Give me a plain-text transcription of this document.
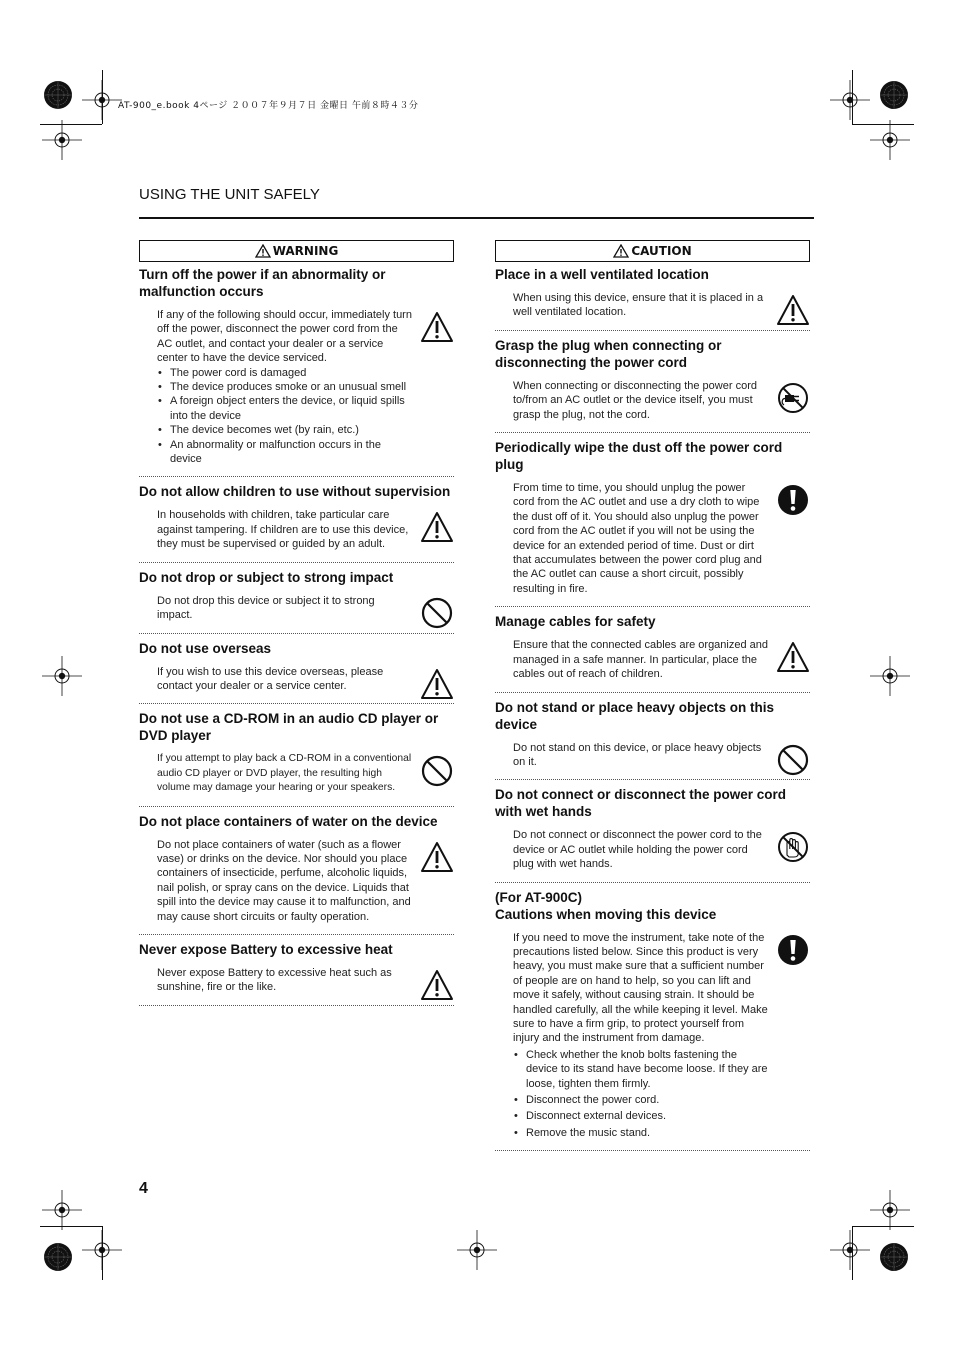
AT-900_e.book 4ページ ２００７年９月７日 金曜日 午前８時４３分
USING THE UNIT SAFELY
WARNING
Turn off the power if an abnormality or malfunction occurs

If any of the following should occur, immediately turn off the power, disconnect the power cord from the AC outlet, and contact your dealer or a service center to have the device serviced.

• The power cord is damaged
• The device produces smoke or an unusual smell
• A foreign object enters the device, or liquid spills into the device
• The device becomes wet (by rain, etc.)
• An abnormality or malfunction occurs in the device
Do not allow children to use without supervision

In households with children, take particular care against tampering. If children are to use this device, they must be supervised or guided by an adult.

Do not drop or subject to strong impact

Do not drop this device or subject it to strong impact.

Do not use overseas

If you wish to use this device overseas, please contact your dealer or a service center.

Do not use a CD-ROM in an audio CD player or DVD player

If you attempt to play back a CD-ROM in a conventional audio CD player or DVD player, the resulting high volume may damage your hearing or your speakers.

Do not place containers of water on the device

Do not place containers of water (such as a flower vase) or drinks on the device. Nor should you place containers of insecticide, perfume, alcoholic liquids, nail polish, or spray cans on the device. Liquids that spill into the device may cause it to malfunction, and may cause short circuits or faulty operation.

Never expose Battery to excessive heat

Never expose Battery to excessive heat such as sunshine, fire or the like.

CAUTION
Place in a well ventilated location

When using this device, ensure that it is placed in a well ventilated location.

Grasp the plug when connecting or disconnecting the power cord

When connecting or disconnecting the power cord to/from an AC outlet or the device itself, you must grasp the plug, not the cord.

Periodically wipe the dust off the power cord plug

From time to time, you should unplug the power cord from the AC outlet and use a dry cloth to wipe the dust off of it. You should also unplug the power cord from the AC outlet if you will not be using the device for an extended period of time. Dust or dirt that accumulates between the power cord plug and the AC outlet can cause a short circuit, possibly resulting in fire.

Manage cables for safety

Ensure that the connected cables are organized and managed in a safe manner. In particular, place the cables out of reach of children.

Do not stand or place heavy objects on this device

Do not stand on this device, or place heavy objects on it.

Do not connect or disconnect the power cord with wet hands

Do not connect or disconnect the power cord to the device or AC outlet while holding the power cord plug with wet hands.

(For AT-900C)
Cautions when moving this device

If you need to move the instrument, take note of the precautions listed below. Since this product is very heavy, you must make sure that a sufficient number of people are on hand to help, so you can lift and move it safely, without causing strain. It should be handled carefully, all the while keeping it level. Make sure to have a firm grip, to protect yourself from injury and the instrument from damage.

• Check whether the knob bolts fastening the device to its stand have become loose. If they are loose, tighten them firmly.
• Disconnect the power cord.
• Disconnect external devices.
• Remove the music stand.
4
